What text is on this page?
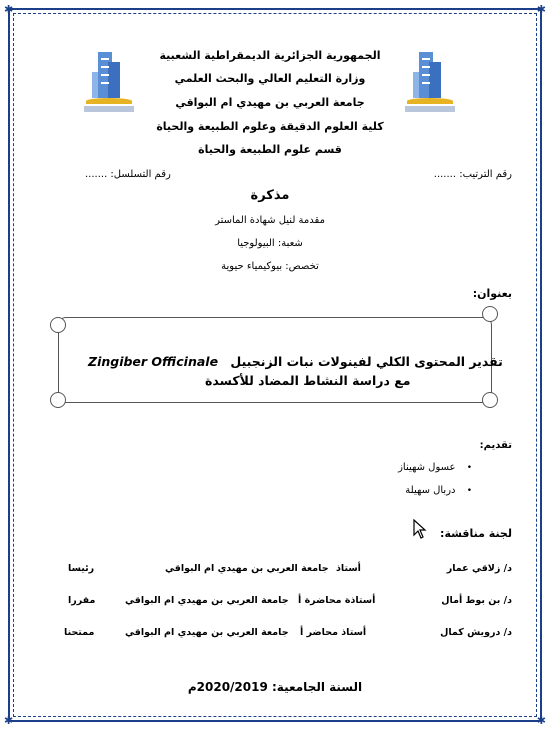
✱	✱
✱	✱
الجمهورية الجزائرية الديمقراطية الشعبية
وزارة التعليم العالي والبحث العلمي
جامعة العربي بن مهيدي ام البواقي
كلية العلوم الدقيقة وعلوم الطبيعة والحياة
قسم علوم الطبيعة والحياة
رقم الترتيب: .......
رقم التسلسل: .......
مذكرة
مقدمة لنيل شهادة الماستر
شعبة: البيولوجيا
تخصص: بيوكيمياء حيوية
بعنوان:
Zingiber Officinale تقدير المحتوى الكلي لفينولات نبات الزنجبيل
مع دراسة النشاط المضاد للأكسدة
تقديم:
• عسول شهيناز
• دربال سهيلة
لجنة مناقشة:
د/ زلاقي عمار
أستاذ
جامعة العربي بن مهيدي ام البواقي
رئيسا
د/ بن بوط أمال
أستاذة محاضرة أ
جامعة العربي بن مهيدي ام البواقي
مقررا
د/ درويش كمال
أستاذ محاضر أ
جامعة العربي بن مهيدي ام البواقي
ممتحنا
السنة الجامعية: 2020/2019م
